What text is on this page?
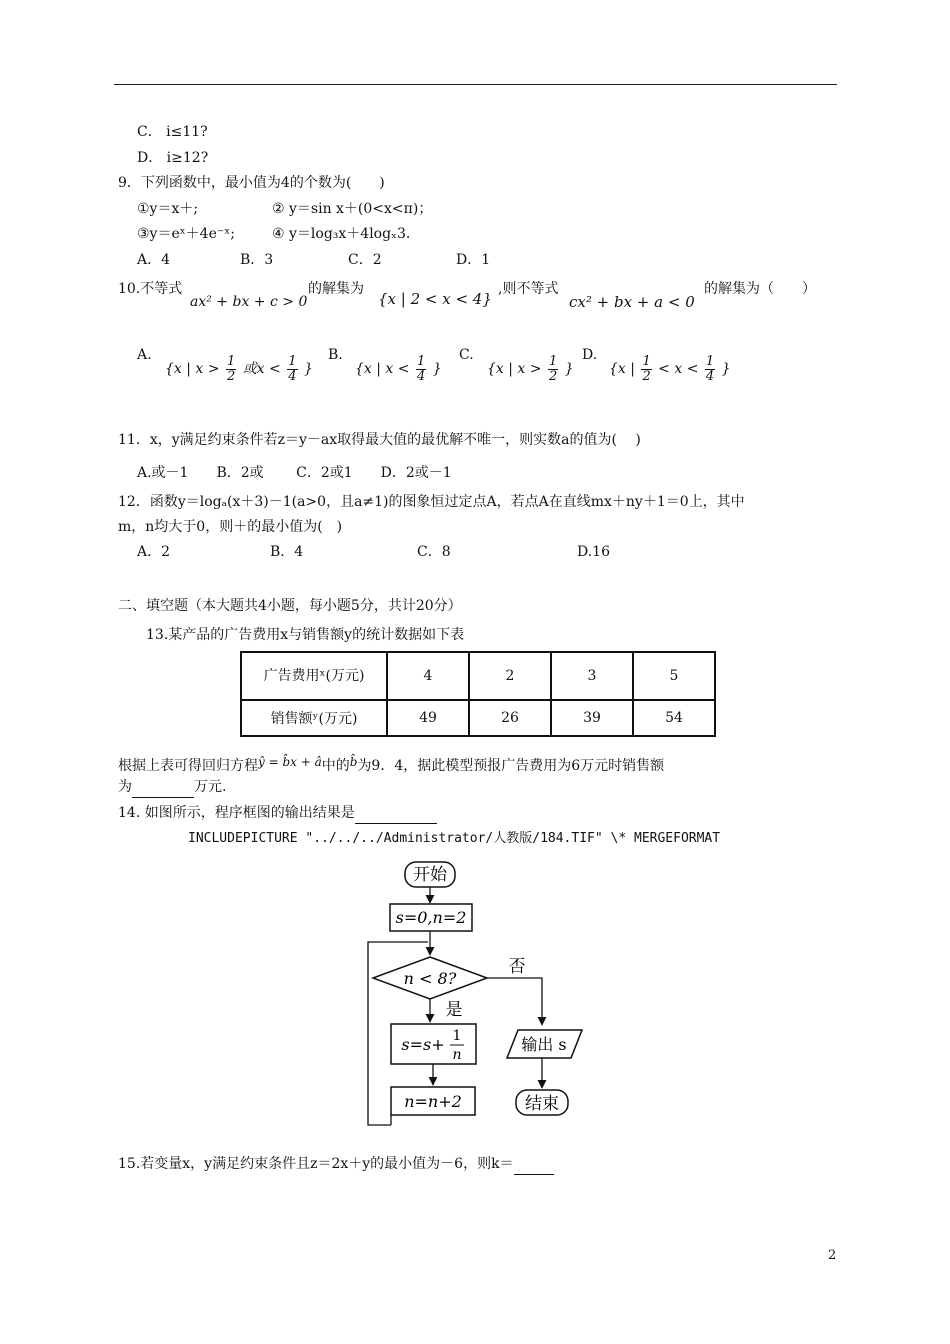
C． i≤11?
D． i≥12?
9．下列函数中，最小值为4的个数为(　　)
①y＝x＋;	② y＝sin x＋(0<x<π)；
③y＝eˣ＋4e⁻ˣ;	④ y＝log₃x＋4logₓ3.
A．4	B．3	C．2	D．1
10.不等式
ax² + bx + c > 0
的解集为
{x | 2 < x < 4}
,则不等式
cx² + bx + a < 0
的解集为（　　）
A.
{x | $x > \frac{1}{2}$ 或$x < \frac{1}{4}$ }
B.
{x | $x < \frac{1}{4}$ }
C.
{x | $x > \frac{1}{2}$ }
D.
{x | $\frac{1}{2} < x < \frac{1}{4}$ }
11．x，y满足约束条件若z＝y－ax取得最大值的最优解不唯一，则实数a的值为(　 )
A.或－1　　B．2或　　 C．2或1　　D．2或－1
12．函数y＝logₐ(x＋3)－1(a>0，且a≠1)的图象恒过定点A，若点A在直线mx＋ny＋1＝0上，其中
m，n均大于0，则＋的最小值为(　)
A．2	B．4	C．8	D.16
二、填空题（本大题共4小题，每小题5分，共计20分）
13.某产品的广告费用x与销售额y的统计数据如下表
广告费用ˣ(万元)	4	2	3	5
销售额ʸ(万元)	49	26	39	54
根据上表可得回归方程ŷ = b̂x + â中的b̂为9．4，据此模型预报广告费用为6万元时销售额
为	万元.
14. 如图所示，程序框图的输出结果是
INCLUDEPICTURE "../../../Administrator/人教版/184.TIF" \* MERGEFORMAT
开始
s=0,n=2
n < 8?
否
是
s=s+ 1
n
n=n+2
输出 s
结束
15.若变量x，y满足约束条件且z＝2x＋y的最小值为－6，则k＝
2
